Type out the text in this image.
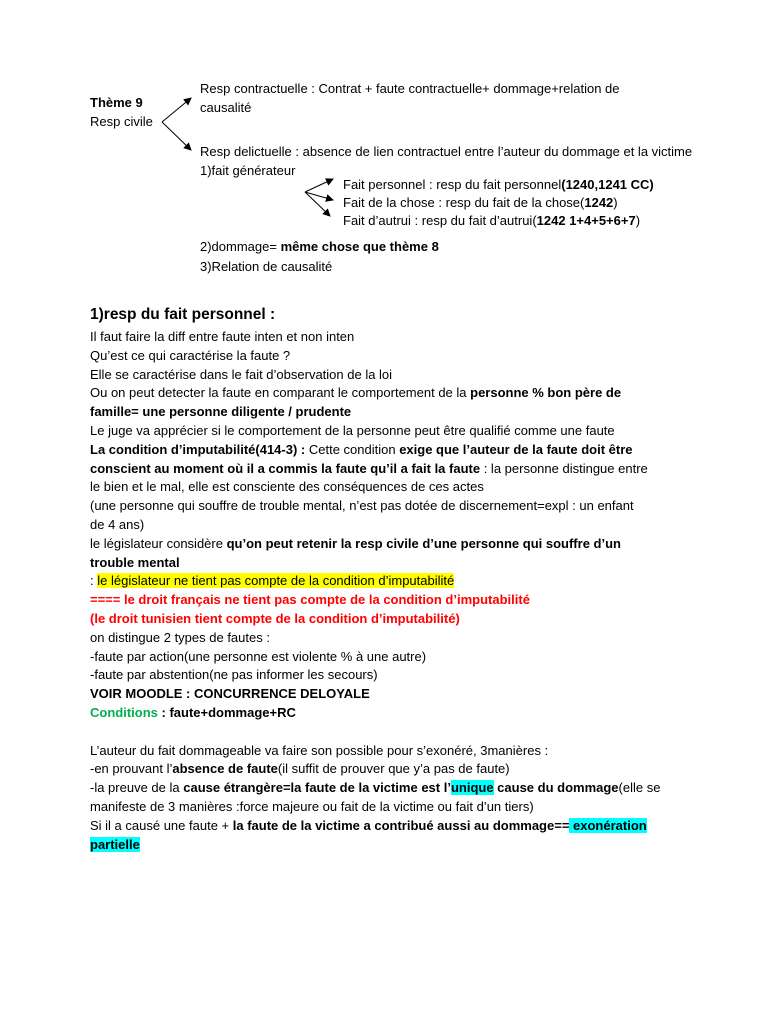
Thème 9
Resp civile
Resp contractuelle : Contrat + faute contractuelle+ dommage+relation de
causalité
Resp delictuelle : absence de lien contractuel entre l’auteur du dommage et la victime
1)fait générateur
Fait personnel : resp du fait personnel(1240,1241 CC)
Fait de la chose : resp du fait de la chose(1242)
Fait d’autrui : resp du fait d’autrui(1242 1+4+5+6+7)
2)dommage= même chose que thème 8
3)Relation de causalité
1)resp du fait personnel :
Il faut faire la diff entre faute inten et non inten
Qu’est ce qui caractérise la faute ?
Elle se caractérise dans le fait d’observation de la loi
Ou on peut detecter la faute en comparant le comportement de la personne % bon père de
famille= une personne diligente / prudente
Le juge va apprécier si le comportement de la personne peut être qualifié comme une faute
La condition d’imputabilité(414-3) : Cette condition exige que l’auteur de la faute doit être
conscient au moment où il a commis la faute qu’il a fait la faute : la personne distingue entre
le bien et le mal, elle est consciente des conséquences de ces actes
(une personne qui souffre de trouble mental, n’est pas dotée de discernement=expl : un enfant
de 4 ans)
le législateur considère qu’on peut retenir la resp civile d’une personne qui souffre d’un
trouble mental
: le législateur ne tient pas compte de la condition d’imputabilité
==== le droit français ne tient pas compte de la condition d’imputabilité
(le droit tunisien tient compte de la condition d’imputabilité)
on distingue 2 types de fautes :
-faute par action(une personne est violente % à une autre)
-faute par abstention(ne pas informer les secours)
VOIR MOODLE : CONCURRENCE DELOYALE
Conditions : faute+dommage+RC
L’auteur du fait dommageable va faire son possible pour s’exonéré, 3manières :
-en prouvant l’absence de faute(il suffit de prouver que y’a pas de faute)
-la preuve de la cause étrangère=la faute de la victime est l’unique cause du dommage(elle se
manifeste de 3 manières :force majeure ou fait de la victime ou fait d’un tiers)
Si il a causé une faute + la faute de la victime a contribué aussi au dommage== exonération
partielle
